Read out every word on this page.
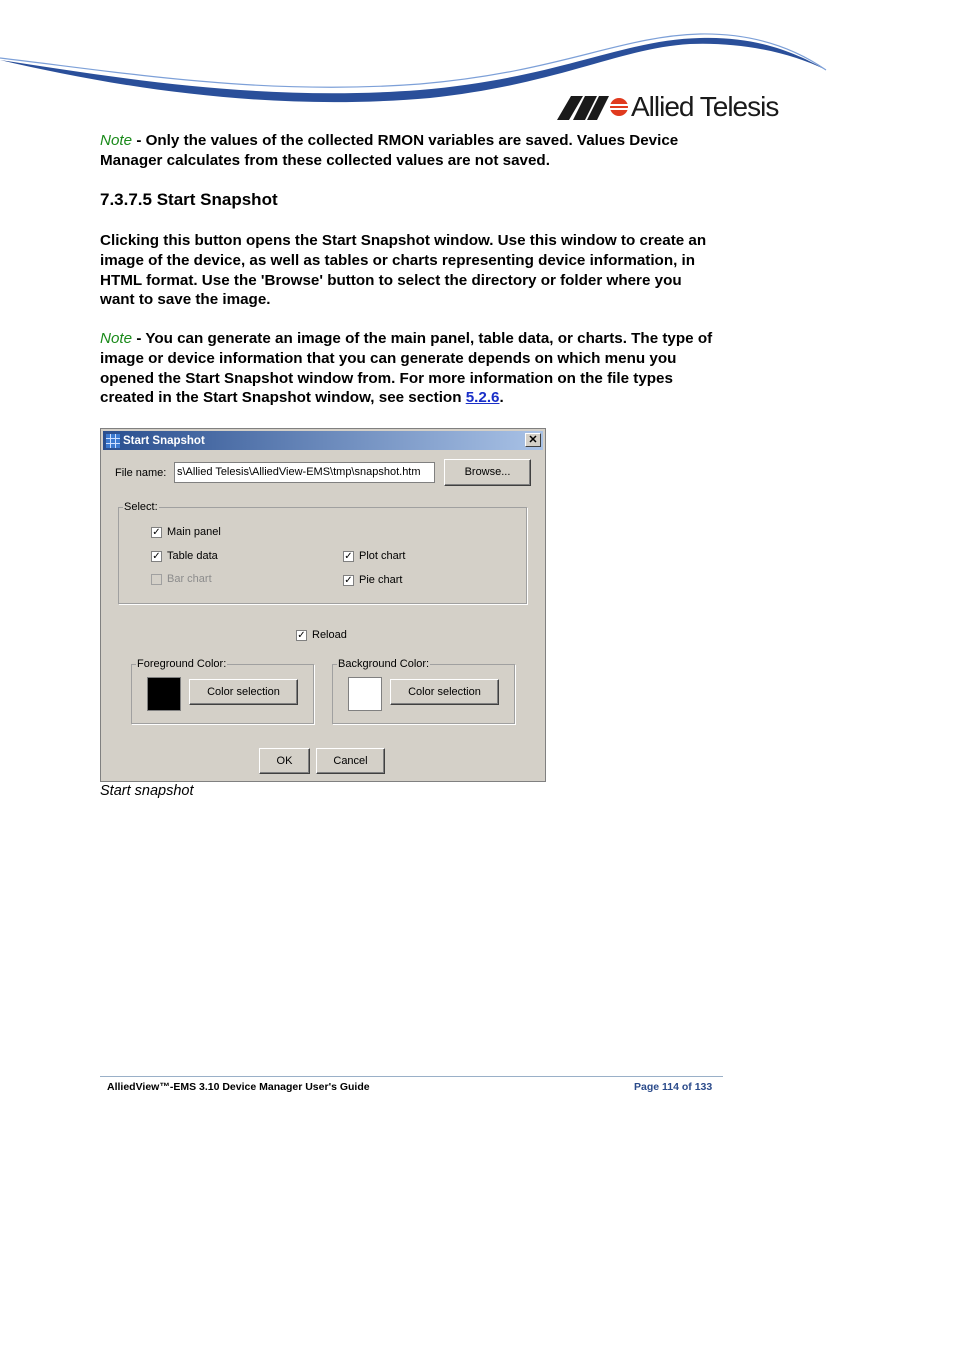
Allied Telesis
Note - Only the values of the collected RMON variables are saved. Values Device Manager calculates from these collected values are not saved.
7.3.7.5 Start Snapshot
Clicking this button opens the Start Snapshot window. Use this window to create an image of the device, as well as tables or charts representing device information, in HTML format. Use the 'Browse' button to select the directory or folder where you want to save the image.
Note - You can generate an image of the main panel, table data, or charts. The type of image or device information that you can generate depends on which menu you opened the Start Snapshot window from. For more information on the file types created in the Start Snapshot window, see section 5.2.6.
Start Snapshot	✕
File name: s\Allied Telesis\AlliedView-EMS\tmp\snapshot.htm	Browse...
Select:
✓ Main panel
✓ Table data
Bar chart
✓ Plot chart
✓ Pie chart
✓ Reload
Foreground Color:
Color selection
Background Color:
Color selection
OK	Cancel
Start snapshot
AlliedView™-EMS 3.10 Device Manager User's Guide	Page 114 of 133
